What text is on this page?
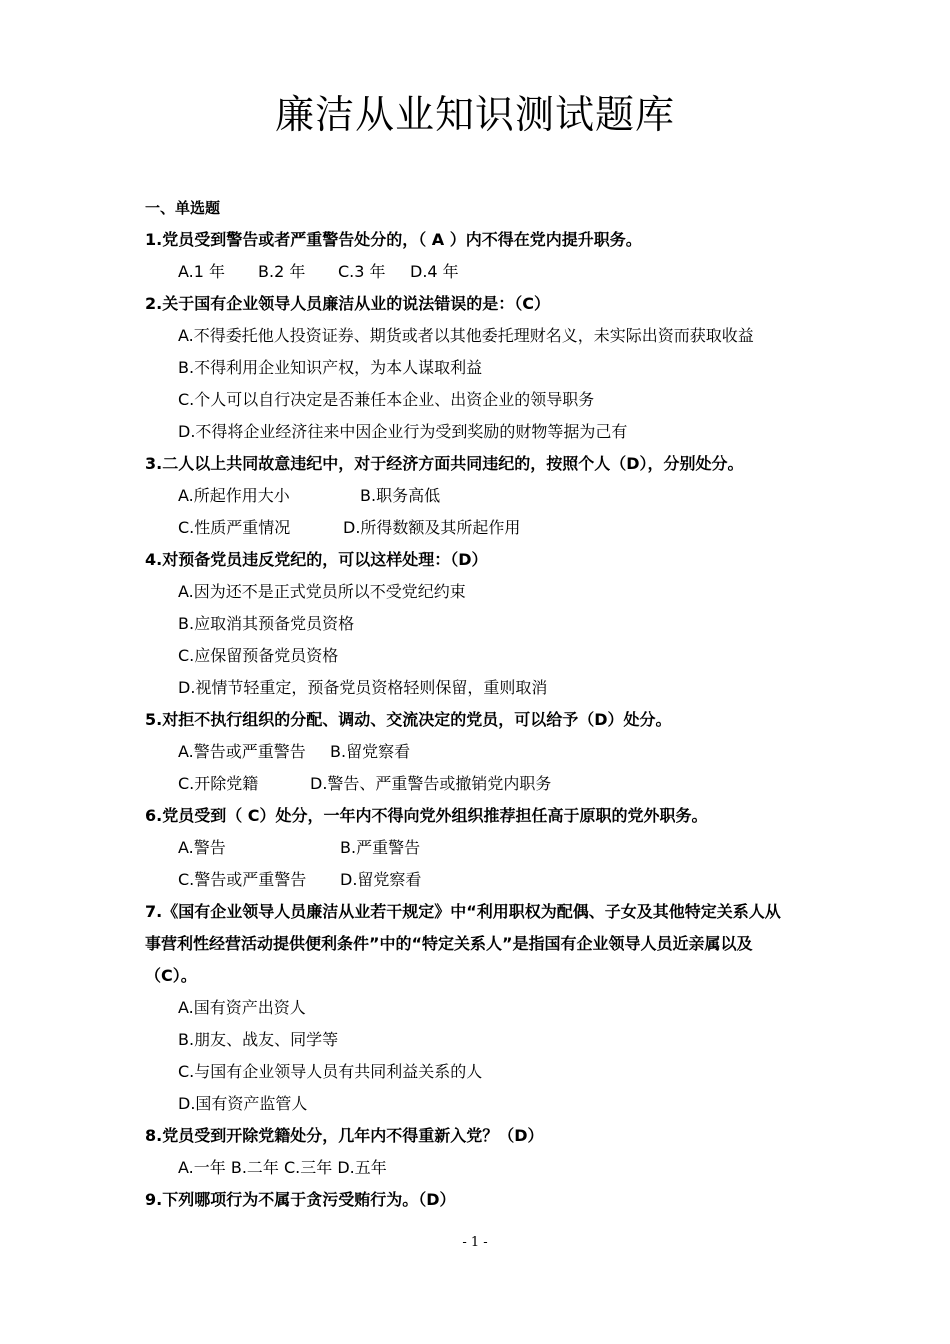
廉洁从业知识测试题库
一、单选题
1.党员受到警告或者严重警告处分的，（ A ）内不得在党内提升职务。
A.1 年 B.2 年 C.3 年 D.4 年
2.关于国有企业领导人员廉洁从业的说法错误的是：（C）
A.不得委托他人投资证券、期货或者以其他委托理财名义，未实际出资而获取收益
B.不得利用企业知识产权，为本人谋取利益
C.个人可以自行决定是否兼任本企业、出资企业的领导职务
D.不得将企业经济往来中因企业行为受到奖励的财物等据为己有
3.二人以上共同故意违纪中，对于经济方面共同违纪的，按照个人（D），分别处分。
A.所起作用大小	B.职务高低
C.性质严重情况	D.所得数额及其所起作用
4.对预备党员违反党纪的，可以这样处理：（D）
A.因为还不是正式党员所以不受党纪约束
B.应取消其预备党员资格
C.应保留预备党员资格
D.视情节轻重定，预备党员资格轻则保留，重则取消
5.对拒不执行组织的分配、调动、交流决定的党员，可以给予（D）处分。
A.警告或严重警告 B.留党察看
C.开除党籍	D.警告、严重警告或撤销党内职务
6.党员受到（ C）处分，一年内不得向党外组织推荐担任高于原职的党外职务。
A.警告	B.严重警告
C.警告或严重警告 D.留党察看
7.《国有企业领导人员廉洁从业若干规定》中“利用职权为配偶、子女及其他特定关系人从
事营利性经营活动提供便利条件”中的“特定关系人”是指国有企业领导人员近亲属以及
（C）。
A.国有资产出资人
B.朋友、战友、同学等
C.与国有企业领导人员有共同利益关系的人
D.国有资产监管人
8.党员受到开除党籍处分，几年内不得重新入党？（D）
A.一年 B.二年 C.三年 D.五年
9.下列哪项行为不属于贪污受贿行为。（D）
- 1 -
